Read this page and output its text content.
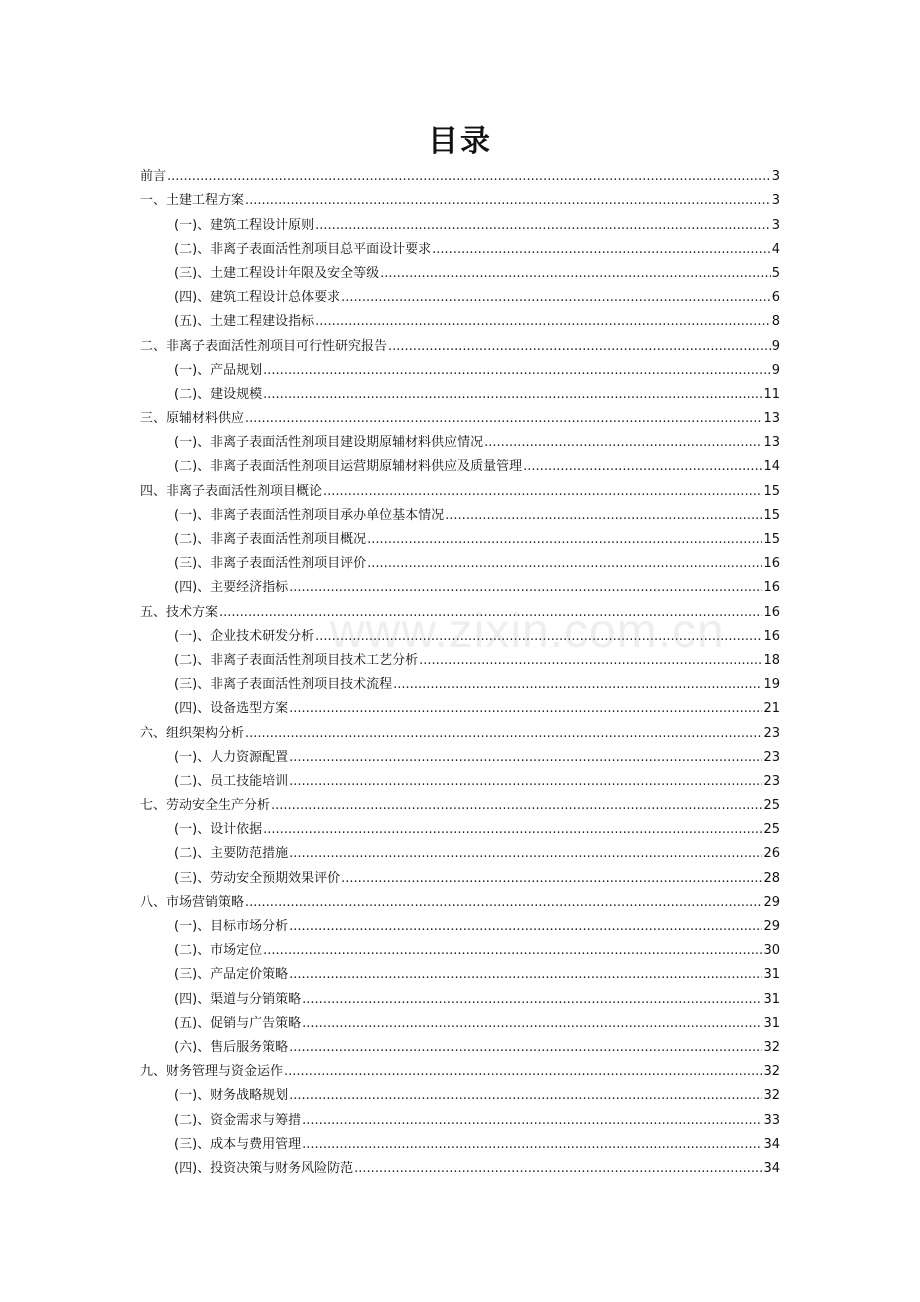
目录
前言 .....	3
一、土建工程方案 .....	3
(一)、建筑工程设计原则 .....	3
(二)、非离子表面活性剂项目总平面设计要求 .....	4
(三)、土建工程设计年限及安全等级 .....	5
(四)、建筑工程设计总体要求 .....	6
(五)、土建工程建设指标 .....	8
二、非离子表面活性剂项目可行性研究报告 .....	9
(一)、产品规划 .....	9
(二)、建设规模 .....	11
三、原辅材料供应 .....	13
(一)、非离子表面活性剂项目建设期原辅材料供应情况 .....	13
(二)、非离子表面活性剂项目运营期原辅材料供应及质量管理 .....	14
四、非离子表面活性剂项目概论 .....	15
(一)、非离子表面活性剂项目承办单位基本情况 .....	15
(二)、非离子表面活性剂项目概况 .....	15
(三)、非离子表面活性剂项目评价 .....	16
(四)、主要经济指标 .....	16
五、技术方案 .....	16
(一)、企业技术研发分析 .....	16
(二)、非离子表面活性剂项目技术工艺分析 .....	18
(三)、非离子表面活性剂项目技术流程 .....	19
(四)、设备选型方案 .....	21
六、组织架构分析 .....	23
(一)、人力资源配置 .....	23
(二)、员工技能培训 .....	23
七、劳动安全生产分析 .....	25
(一)、设计依据 .....	25
(二)、主要防范措施 .....	26
(三)、劳动安全预期效果评价 .....	28
八、市场营销策略 .....	29
(一)、目标市场分析 .....	29
(二)、市场定位 .....	30
(三)、产品定价策略 .....	31
(四)、渠道与分销策略 .....	31
(五)、促销与广告策略 .....	31
(六)、售后服务策略 .....	32
九、财务管理与资金运作 .....	32
(一)、财务战略规划 .....	32
(二)、资金需求与筹措 .....	33
(三)、成本与费用管理 .....	34
(四)、投资决策与财务风险防范 .....	34
www.zixin.com.cn
